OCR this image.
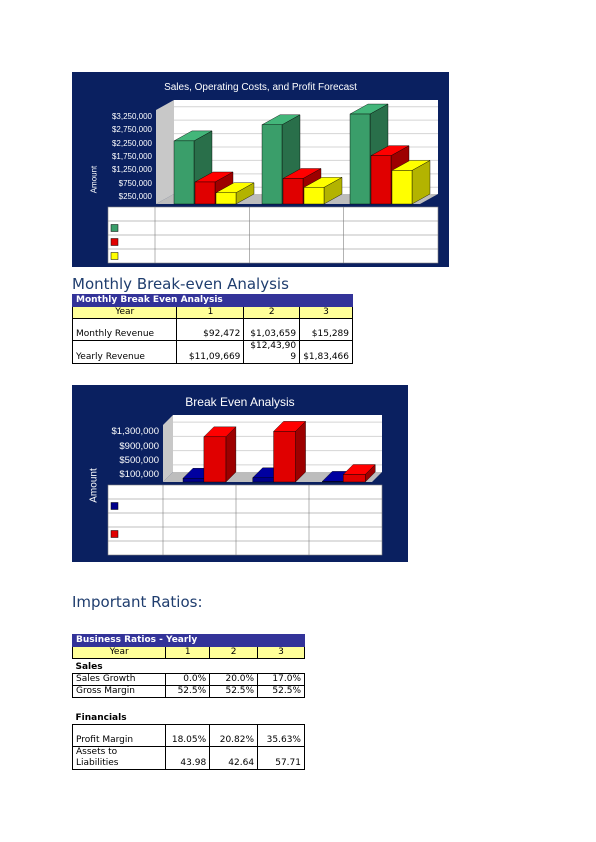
Sales, Operating Costs, and Profit Forecast
Amount
$3,250,000
$2,750,000
$2,250,000
$1,750,000
$1,250,000
$750,000
$250,000
Monthly Break-even Analysis
Monthly Break Even Analysis			
Year	1	2	3
Monthly Revenue	$92,472	$1,03,659	$15,289
Yearly Revenue	$11,09,669	$12,43,909	$1,83,466
Break Even Analysis
Amount
$1,300,000
$900,000
$500,000
$100,000
Important Ratios:
Business Ratios - Yearly			
Year	1	2	3
Sales			
Sales Growth	0.0%	20.0%	17.0%
Gross Margin	52.5%	52.5%	52.5%

Financials			
Profit Margin	18.05%	20.82%	35.63%
Assets to Liabilities	43.98	42.64	57.71
